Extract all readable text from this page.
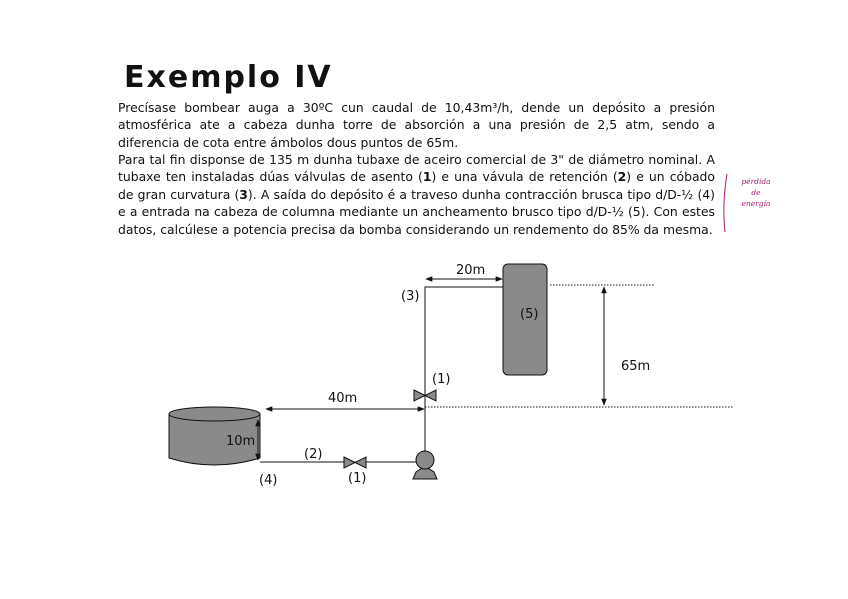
Exemplo IV
Precísase bombear auga a 30ºC cun caudal de 10,43m³/h, dende un depósito a presión atmosférica ate a cabeza dunha torre de absorción a una presión de 2,5 atm, sendo a diferencia de cota entre ámbolos dous puntos de 65m.
Para tal fin disponse de 135 m dunha tubaxe de aceiro comercial de 3" de diámetro nominal. A tubaxe ten instaladas dúas válvulas de asento (1) e una vávula de retención (2) e un cóbado de gran curvatura (3). A saída do depósito é a traveso dunha contracción brusca tipo d/D-½ (4) e a entrada na cabeza de columna mediante un ancheamento brusco tipo d/D-½ (5). Con estes datos, calcúlese a potencia precisa da bomba considerando un rendemento do 85% da mesma.
pérdida
de
energía
(5)
20m
(3)
65m
(1)
40m
10m
(4)
(2)
(1)
